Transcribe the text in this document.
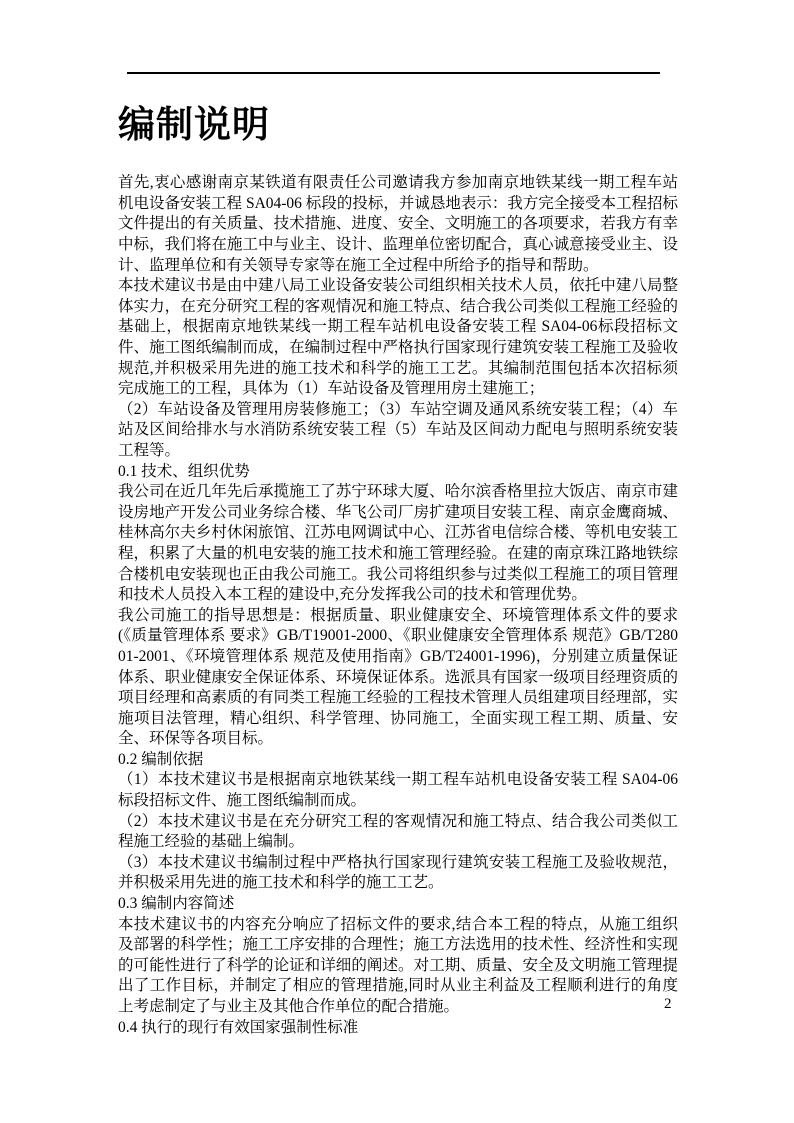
编制说明

首先,衷心感谢南京某铁道有限责任公司邀请我方参加南京地铁某线一期工程车站机电设备安装工程 SA04-06 标段的投标，并诚恳地表示：我方完全接受本工程招标文件提出的有关质量、技术措施、进度、安全、文明施工的各项要求，若我方有幸中标，我们将在施工中与业主、设计、监理单位密切配合，真心诚意接受业主、设计、监理单位和有关领导专家等在施工全过程中所给予的指导和帮助。

本技术建议书是由中建八局工业设备安装公司组织相关技术人员，依托中建八局整体实力，在充分研究工程的客观情况和施工特点、结合我公司类似工程施工经验的基础上，根据南京地铁某线一期工程车站机电设备安装工程 SA04-06标段招标文件、施工图纸编制而成，在编制过程中严格执行国家现行建筑安装工程施工及验收规范,并积极采用先进的施工技术和科学的施工工艺。其编制范围包括本次招标须完成施工的工程，具体为（1）车站设备及管理用房土建施工；

（2）车站设备及管理用房装修施工；（3）车站空调及通风系统安装工程；（4）车站及区间给排水与水消防系统安装工程（5）车站及区间动力配电与照明系统安装工程等。

0.1 技术、组织优势

我公司在近几年先后承揽施工了苏宁环球大厦、哈尔滨香格里拉大饭店、南京市建设房地产开发公司业务综合楼、华飞公司厂房扩建项目安装工程、南京金鹰商城、桂林高尔夫乡村休闲旅馆、江苏电网调试中心、江苏省电信综合楼、等机电安装工程，积累了大量的机电安装的施工技术和施工管理经验。在建的南京珠江路地铁综合楼机电安装现也正由我公司施工。我公司将组织参与过类似工程施工的项目管理和技术人员投入本工程的建设中,充分发挥我公司的技术和管理优势。

我公司施工的指导思想是：根据质量、职业健康安全、环境管理体系文件的要求(《质量管理体系 要求》GB/T19001-2000、《职业健康安全管理体系 规范》GB/T28001-2001、《环境管理体系 规范及使用指南》GB/T24001-1996)，分别建立质量保证体系、职业健康安全保证体系、环境保证体系。选派具有国家一级项目经理资质的项目经理和高素质的有同类工程施工经验的工程技术管理人员组建项目经理部，实施项目法管理，精心组织、科学管理、协同施工，全面实现工程工期、质量、安全、环保等各项目标。

0.2 编制依据

（1）本技术建议书是根据南京地铁某线一期工程车站机电设备安装工程 SA04-06 标段招标文件、施工图纸编制而成。

（2）本技术建议书是在充分研究工程的客观情况和施工特点、结合我公司类似工程施工经验的基础上编制。

（3）本技术建议书编制过程中严格执行国家现行建筑安装工程施工及验收规范，并积极采用先进的施工技术和科学的施工工艺。

0.3 编制内容简述

本技术建议书的内容充分响应了招标文件的要求,结合本工程的特点，从施工组织及部署的科学性；施工工序安排的合理性；施工方法选用的技术性、经济性和实现的可能性进行了科学的论证和详细的阐述。对工期、质量、安全及文明施工管理提出了工作目标，并制定了相应的管理措施,同时从业主利益及工程顺利进行的角度上考虑制定了与业主及其他合作单位的配合措施。

0.4 执行的现行有效国家强制性标准

2
